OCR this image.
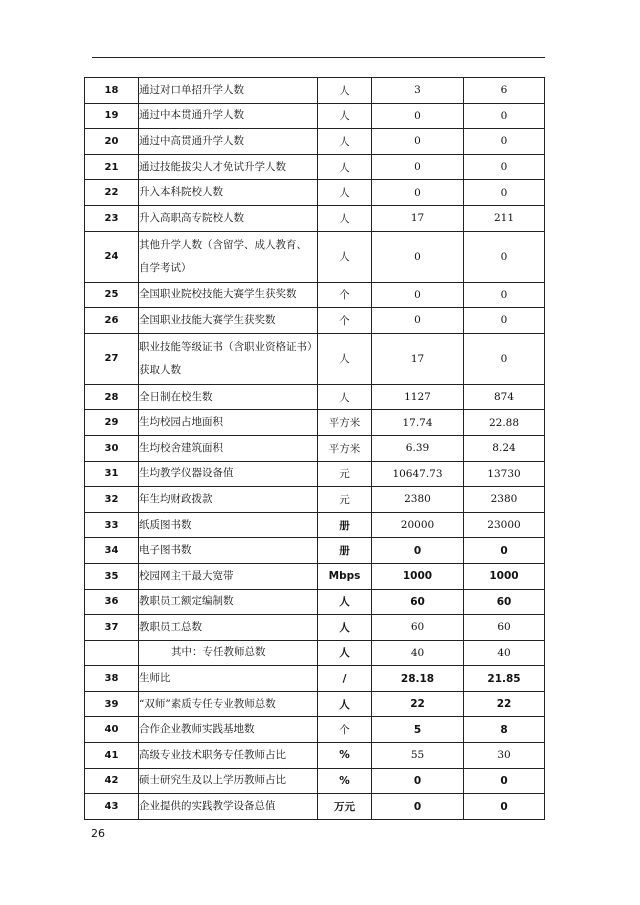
18	通过对口单招升学人数	人	3	6
19	通过中本贯通升学人数	人	0	0
20	通过中高贯通升学人数	人	0	0
21	通过技能拔尖人才免试升学人数	人	0	0
22	升入本科院校人数	人	0	0
23	升入高职高专院校人数	人	17	211
24	其他升学人数（含留学、成人教育、自学考试）	人	0	0
25	全国职业院校技能大赛学生获奖数	个	0	0
26	全国职业技能大赛学生获奖数	个	0	0
27	职业技能等级证书（含职业资格证书）获取人数	人	17	0
28	全日制在校生数	人	1127	874
29	生均校园占地面积	平方米	17.74	22.88
30	生均校舍建筑面积	平方米	6.39	8.24
31	生均教学仪器设备值	元	10647.73	13730
32	年生均财政拨款	元	2380	2380
33	纸质图书数	册	20000	23000
34	电子图书数	册	0	0
35	校园网主干最大宽带	Mbps	1000	1000
36	教职员工额定编制数	人	60	60
37	教职员工总数	人	60	60
	其中：专任教师总数	人	40	40
38	生师比	/	28.18	21.85
39	“双师”素质专任专业教师总数	人	22	22
40	合作企业教师实践基地数	个	5	8
41	高级专业技术职务专任教师占比	%	55	30
42	硕士研究生及以上学历教师占比	%	0	0
43	企业提供的实践教学设备总值	万元	0	0
26
